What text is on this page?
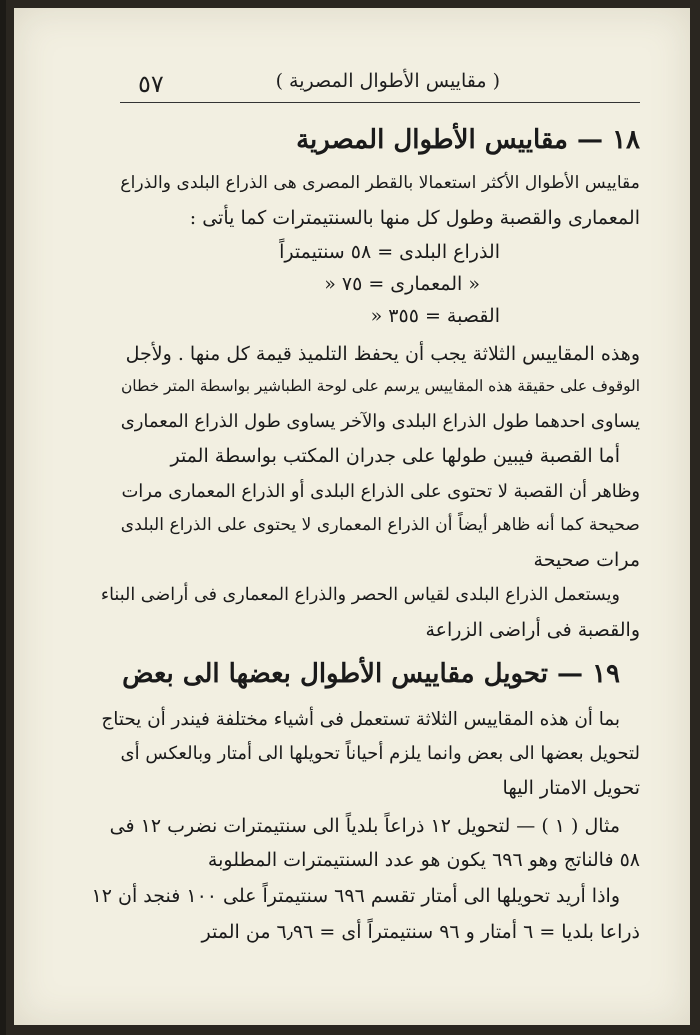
٥٧	( مقاييس الأطوال المصرية )
١٨ — مقاييس الأطوال المصرية
مقاييس الأطوال الأكثر استعمالا بالقطر المصرى هى الذراع البلدى والذراع
المعمارى والقصبة وطول كل منها بالسنتيمترات كما يأتى :
الذراع البلدى = ٥٨ سنتيمتراً
« المعمارى = ٧٥ «
القصبة = ٣٥٥ «
وهذه المقاييس الثلاثة يجب أن يحفظ التلميذ قيمة كل منها . ولأجل
الوقوف على حقيقة هذه المقاييس يرسم على لوحة الطباشير بواسطة المتر خطان
يساوى احدهما طول الذراع البلدى والآخر يساوى طول الذراع المعمارى
أما القصبة فيبين طولها على جدران المكتب بواسطة المتر
وظاهر أن القصبة لا تحتوى على الذراع البلدى أو الذراع المعمارى مرات
صحيحة كما أنه ظاهر أيضاً أن الذراع المعمارى لا يحتوى على الذراع البلدى
مرات صحيحة
ويستعمل الذراع البلدى لقياس الحصر والذراع المعمارى فى أراضى البناء
والقصبة فى أراضى الزراعة
١٩ — تحويل مقاييس الأطوال بعضها الى بعض
بما أن هذه المقاييس الثلاثة تستعمل فى أشياء مختلفة فيندر أن يحتاج
لتحويل بعضها الى بعض وانما يلزم أحياناً تحويلها الى أمتار وبالعكس أى
تحويل الامتار اليها
مثال ( ١ ) — لتحويل ١٢ ذراعاً بلدياً الى سنتيمترات نضرب ١٢ فى
٥٨ فالناتج وهو ٦٩٦ يكون هو عدد السنتيمترات المطلوبة
واذا أريد تحويلها الى أمتار تقسم ٦٩٦ سنتيمتراً على ١٠٠ فنجد أن ١٢
ذراعا بلديا = ٦ أمتار و ٩٦ سنتيمتراً أى = ٦٫٩٦ من المتر
